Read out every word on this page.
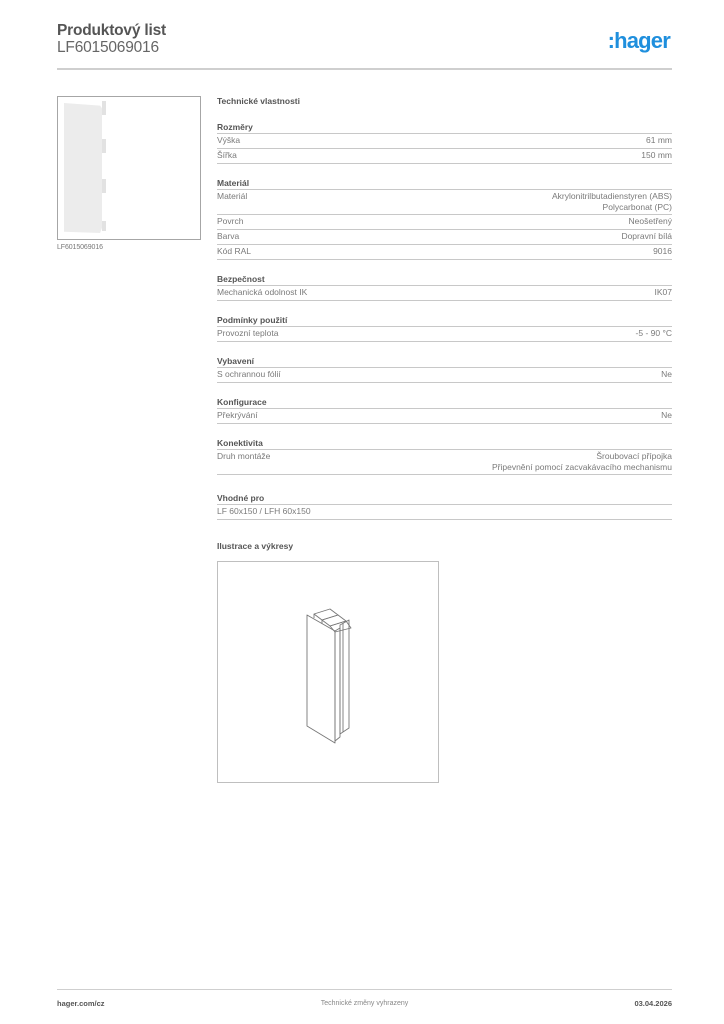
Produktový list
LF6015069016	:hager
LF6015069016
Technické vlastnosti
Rozměry
Výška	61 mm
Šířka	150 mm
Materiál
Materiál	Akrylonitrilbutadienstyren (ABS)
Polycarbonat (PC)
Povrch	Neošetřený
Barva	Dopravní bílá
Kód RAL	9016
Bezpečnost
Mechanická odolnost IK	IK07
Podmínky použití
Provozní teplota	-5 - 90 °C
Vybavení
S ochrannou fólií	Ne
Konfigurace
Překrývání	Ne
Konektivita
Druh montáže	Šroubovací přípojka
Připevnění pomocí zacvakávacího mechanismu
Vhodné pro
LF 60x150 / LFH 60x150
Ilustrace a výkresy
Technické změny vyhrazeny
hager.com/cz	03.04.2026
